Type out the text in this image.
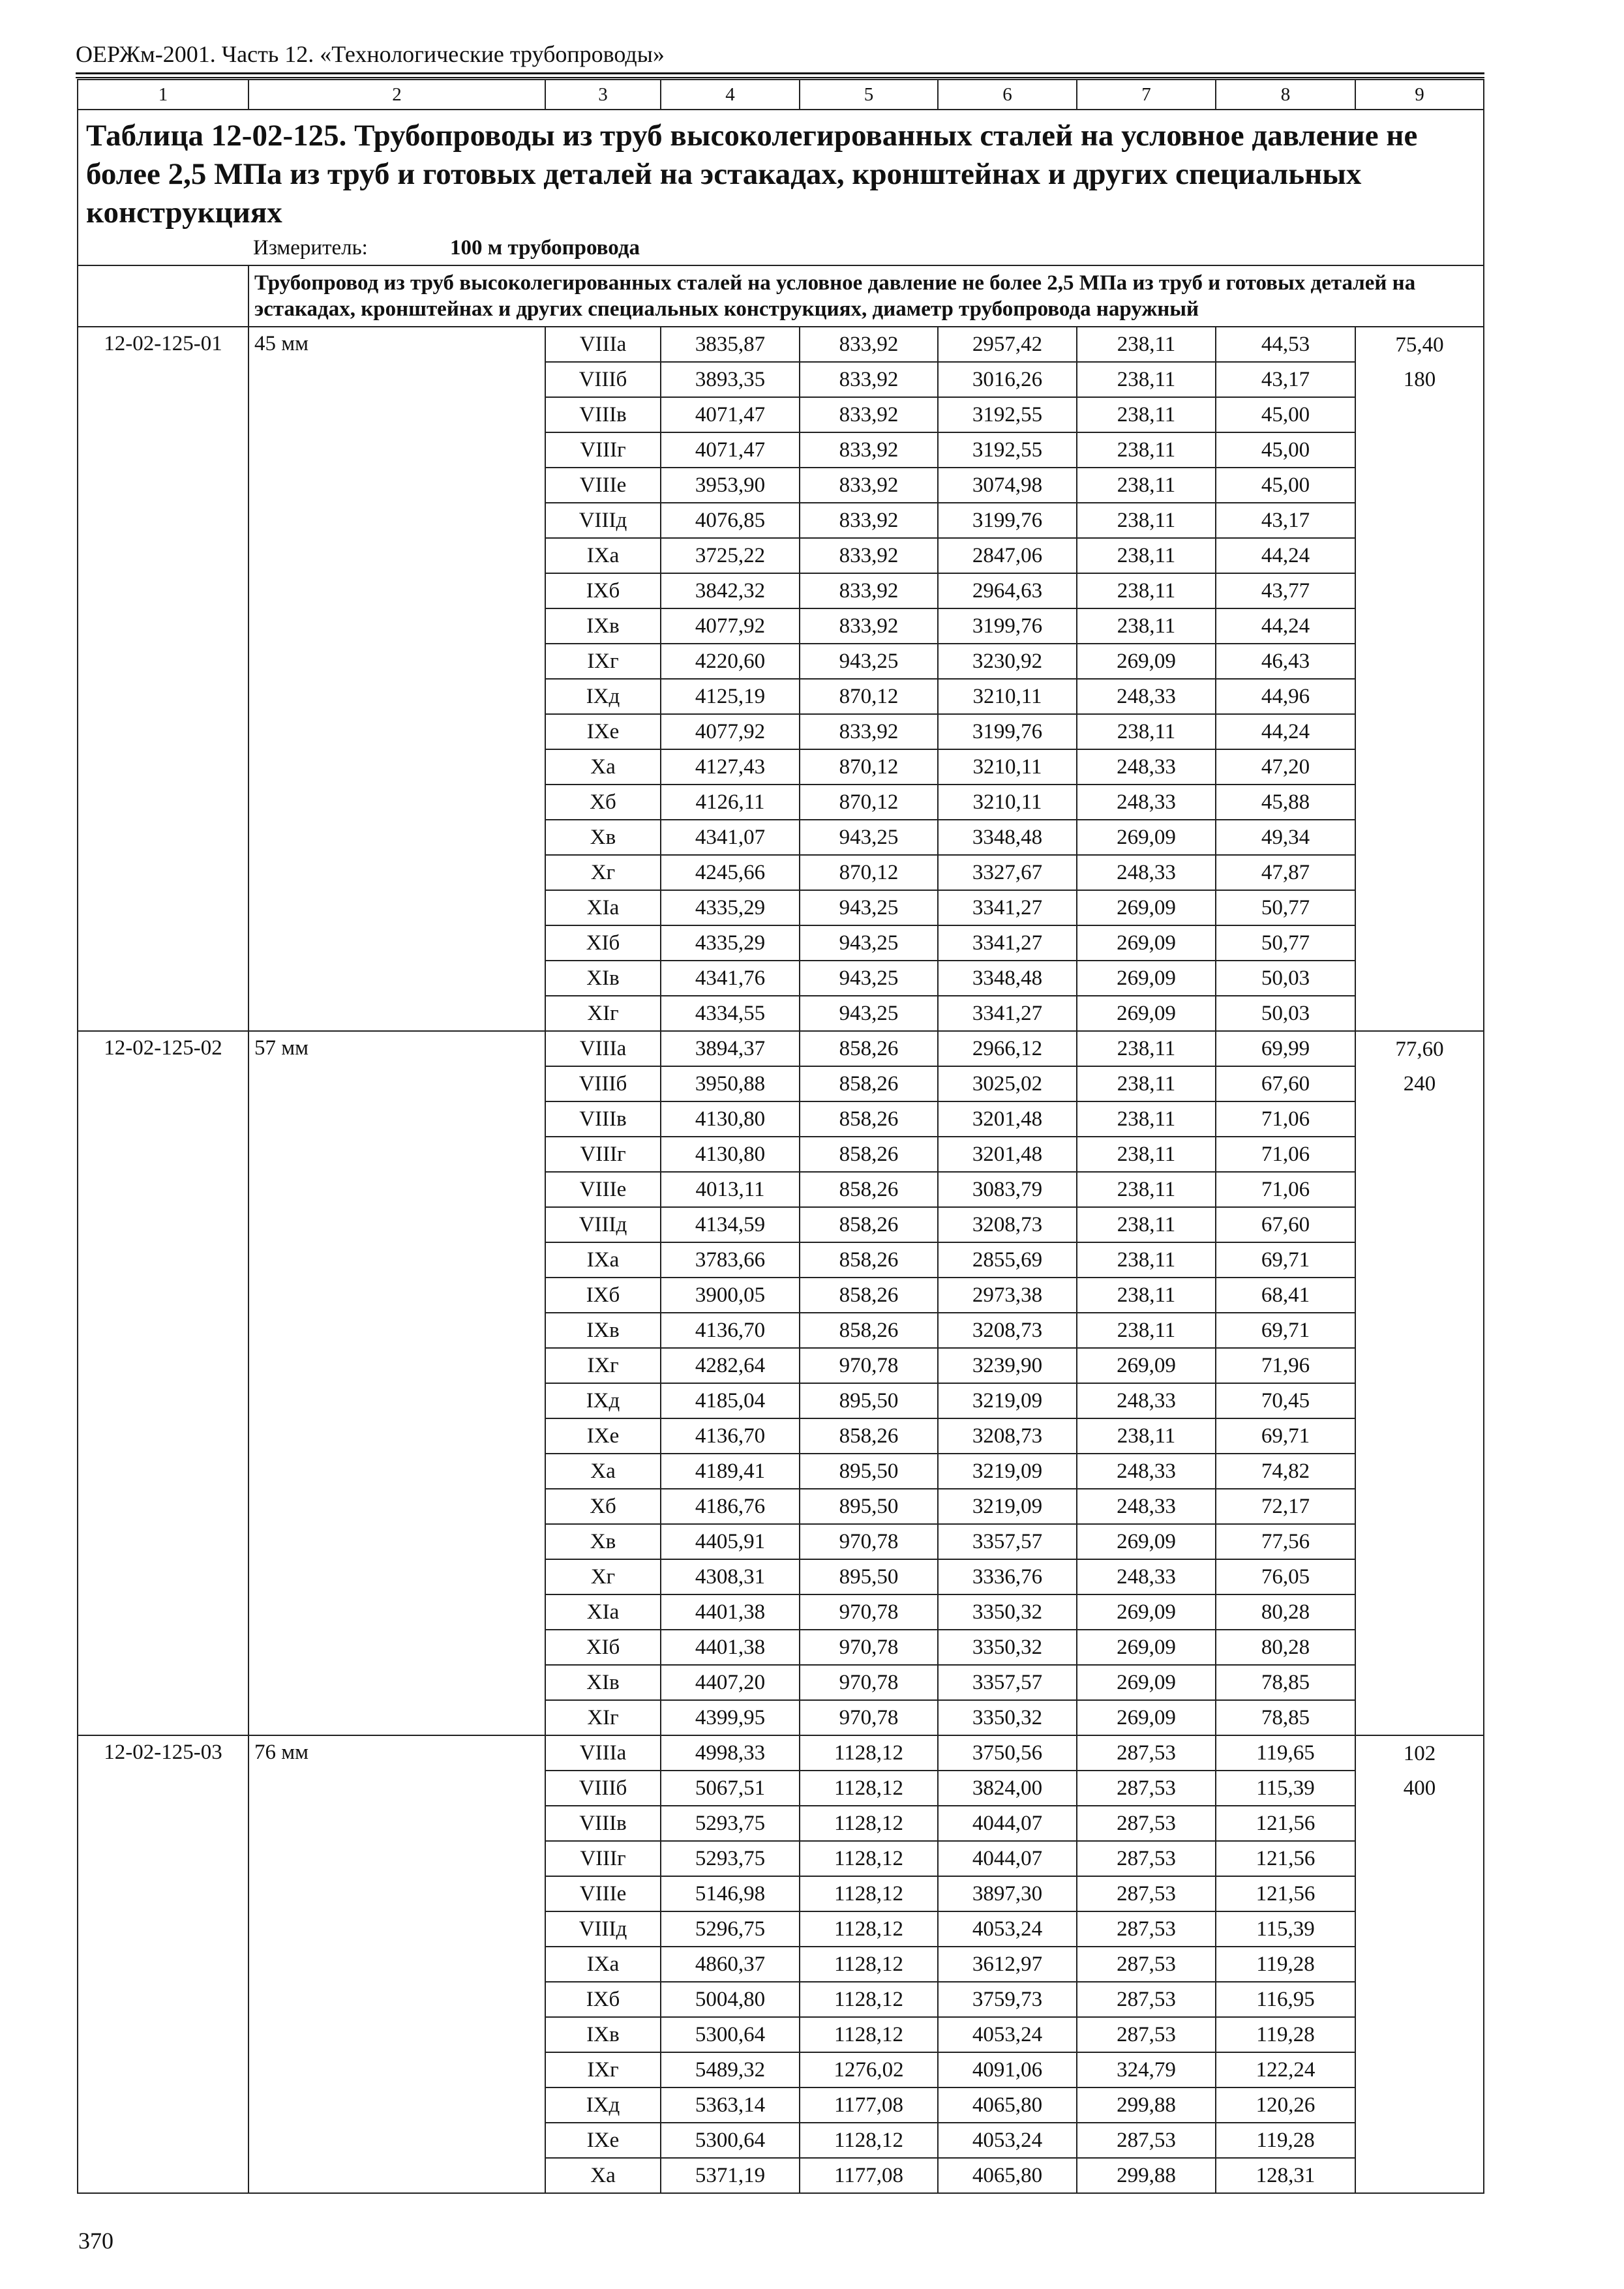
ОЕРЖм-2001. Часть 12. «Технологические трубопроводы»
1	2	3	4	5	6	7	8	9

Таблица 12-02-125. Трубопроводы из труб высоколегированных сталей на условное давление не более 2,5 МПа из труб и готовых деталей на эстакадах, кронштейнах и других специальных конструкциях
Измеритель: 100 м трубопровода								

	Трубопровод из труб высоколегированных сталей на условное давление не более 2,5 МПа из труб и готовых деталей на эстакадах, кронштейнах и других специальных конструкциях, диаметр трубопровода наружный							
12-02-125-01	45 мм	VIIIа	3835,87	833,92	2957,42	238,11	44,53	75,40
		VIIIб	3893,35	833,92	3016,26	238,11	43,17	180
		VIIIв	4071,47	833,92	3192,55	238,11	45,00	
		VIIIг	4071,47	833,92	3192,55	238,11	45,00	
		VIIIе	3953,90	833,92	3074,98	238,11	45,00	
		VIIIд	4076,85	833,92	3199,76	238,11	43,17	
		IXа	3725,22	833,92	2847,06	238,11	44,24	
		IXб	3842,32	833,92	2964,63	238,11	43,77	
		IXв	4077,92	833,92	3199,76	238,11	44,24	
		IXг	4220,60	943,25	3230,92	269,09	46,43	
		IXд	4125,19	870,12	3210,11	248,33	44,96	
		IXе	4077,92	833,92	3199,76	238,11	44,24	
		Xа	4127,43	870,12	3210,11	248,33	47,20	
		Xб	4126,11	870,12	3210,11	248,33	45,88	
		Xв	4341,07	943,25	3348,48	269,09	49,34	
		Xг	4245,66	870,12	3327,67	248,33	47,87	
		XIа	4335,29	943,25	3341,27	269,09	50,77	
		XIб	4335,29	943,25	3341,27	269,09	50,77	
		XIв	4341,76	943,25	3348,48	269,09	50,03	
		XIг	4334,55	943,25	3341,27	269,09	50,03	
12-02-125-02	57 мм	VIIIа	3894,37	858,26	2966,12	238,11	69,99	77,60
		VIIIб	3950,88	858,26	3025,02	238,11	67,60	240
		VIIIв	4130,80	858,26	3201,48	238,11	71,06	
		VIIIг	4130,80	858,26	3201,48	238,11	71,06	
		VIIIе	4013,11	858,26	3083,79	238,11	71,06	
		VIIIд	4134,59	858,26	3208,73	238,11	67,60	
		IXа	3783,66	858,26	2855,69	238,11	69,71	
		IXб	3900,05	858,26	2973,38	238,11	68,41	
		IXв	4136,70	858,26	3208,73	238,11	69,71	
		IXг	4282,64	970,78	3239,90	269,09	71,96	
		IXд	4185,04	895,50	3219,09	248,33	70,45	
		IXе	4136,70	858,26	3208,73	238,11	69,71	
		Xа	4189,41	895,50	3219,09	248,33	74,82	
		Xб	4186,76	895,50	3219,09	248,33	72,17	
		Xв	4405,91	970,78	3357,57	269,09	77,56	
		Xг	4308,31	895,50	3336,76	248,33	76,05	
		XIа	4401,38	970,78	3350,32	269,09	80,28	
		XIб	4401,38	970,78	3350,32	269,09	80,28	
		XIв	4407,20	970,78	3357,57	269,09	78,85	
		XIг	4399,95	970,78	3350,32	269,09	78,85	
12-02-125-03	76 мм	VIIIа	4998,33	1128,12	3750,56	287,53	119,65	102
		VIIIб	5067,51	1128,12	3824,00	287,53	115,39	400
		VIIIв	5293,75	1128,12	4044,07	287,53	121,56	
		VIIIг	5293,75	1128,12	4044,07	287,53	121,56	
		VIIIе	5146,98	1128,12	3897,30	287,53	121,56	
		VIIIд	5296,75	1128,12	4053,24	287,53	115,39	
		IXа	4860,37	1128,12	3612,97	287,53	119,28	
		IXб	5004,80	1128,12	3759,73	287,53	116,95	
		IXв	5300,64	1128,12	4053,24	287,53	119,28	
		IXг	5489,32	1276,02	4091,06	324,79	122,24	
		IXд	5363,14	1177,08	4065,80	299,88	120,26	
		IXе	5300,64	1128,12	4053,24	287,53	119,28	
		Xа	5371,19	1177,08	4065,80	299,88	128,31	
370
